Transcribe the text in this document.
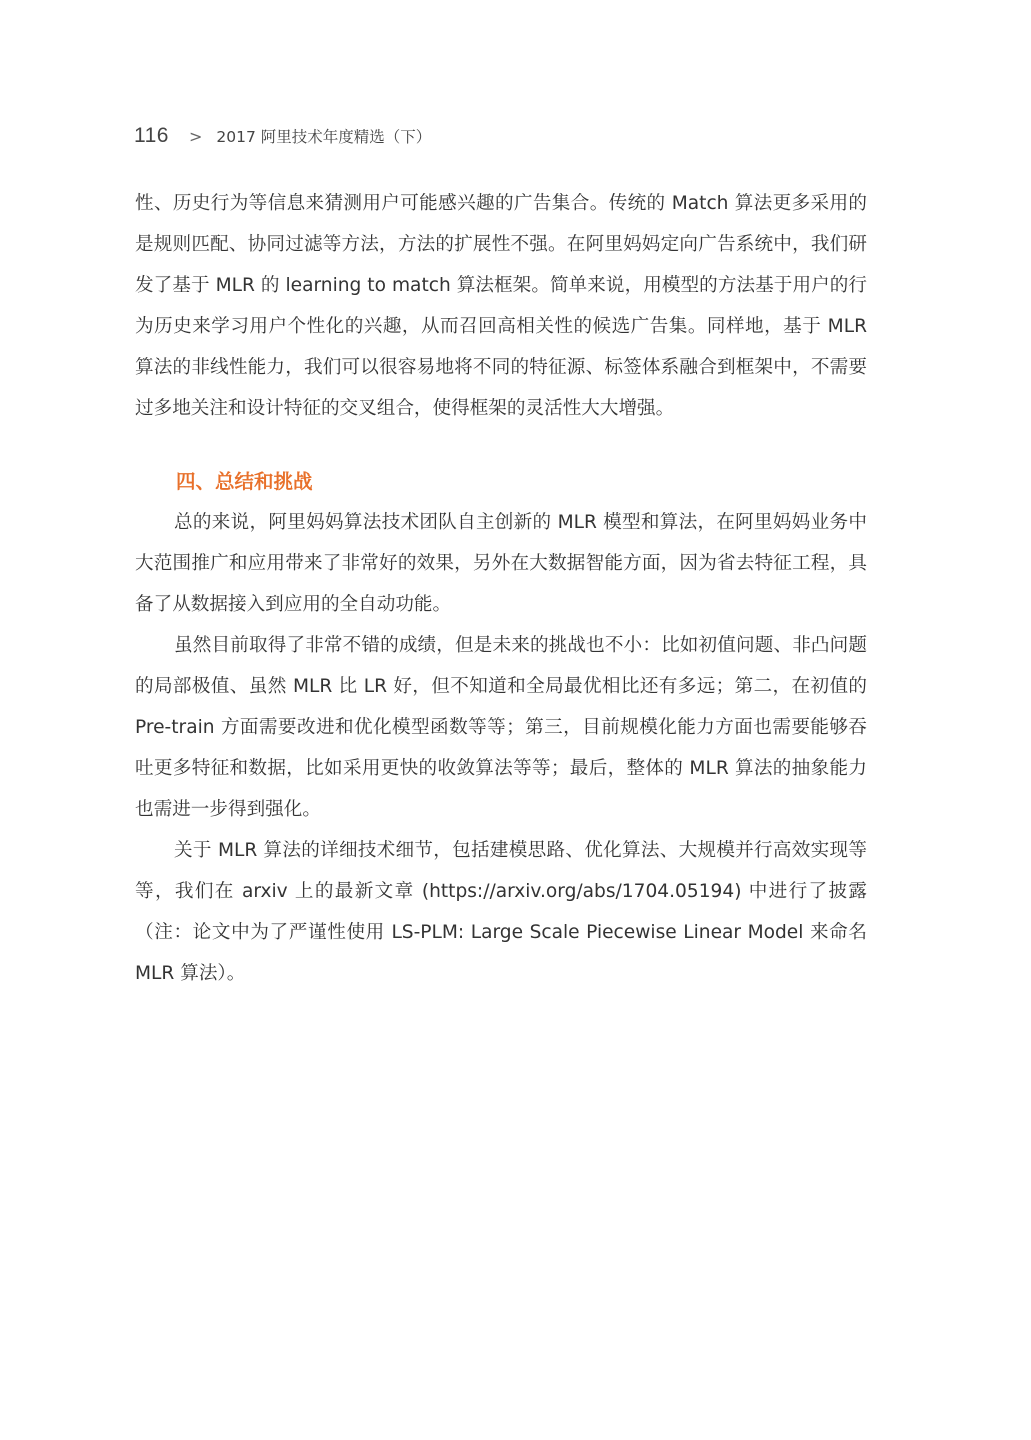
116 > 2017 阿里技术年度精选（下）

性、历史行为等信息来猜测用户可能感兴趣的广告集合。传统的 Match 算法更多采用的是规则匹配、协同过滤等方法，方法的扩展性不强。在阿里妈妈定向广告系统中，我们研发了基于 MLR 的 learning to match 算法框架。简单来说，用模型的方法基于用户的行为历史来学习用户个性化的兴趣，从而召回高相关性的候选广告集。同样地，基于 MLR 算法的非线性能力，我们可以很容易地将不同的特征源、标签体系融合到框架中，不需要过多地关注和设计特征的交叉组合，使得框架的灵活性大大增强。

四、总结和挑战

总的来说，阿里妈妈算法技术团队自主创新的 MLR 模型和算法，在阿里妈妈业务中大范围推广和应用带来了非常好的效果，另外在大数据智能方面，因为省去特征工程，具备了从数据接入到应用的全自动功能。

虽然目前取得了非常不错的成绩，但是未来的挑战也不小：比如初值问题、非凸问题的局部极值、虽然 MLR 比 LR 好，但不知道和全局最优相比还有多远；第二，在初值的 Pre-train 方面需要改进和优化模型函数等等；第三，目前规模化能力方面也需要能够吞吐更多特征和数据，比如采用更快的收敛算法等等；最后，整体的 MLR 算法的抽象能力也需进一步得到强化。

关于 MLR 算法的详细技术细节，包括建模思路、优化算法、大规模并行高效实现等等，我们在 arxiv 上的最新文章 (https://arxiv.org/abs/1704.05194) 中进行了披露（注：论文中为了严谨性使用 LS-PLM: Large Scale Piecewise Linear Model 来命名 MLR 算法）。
